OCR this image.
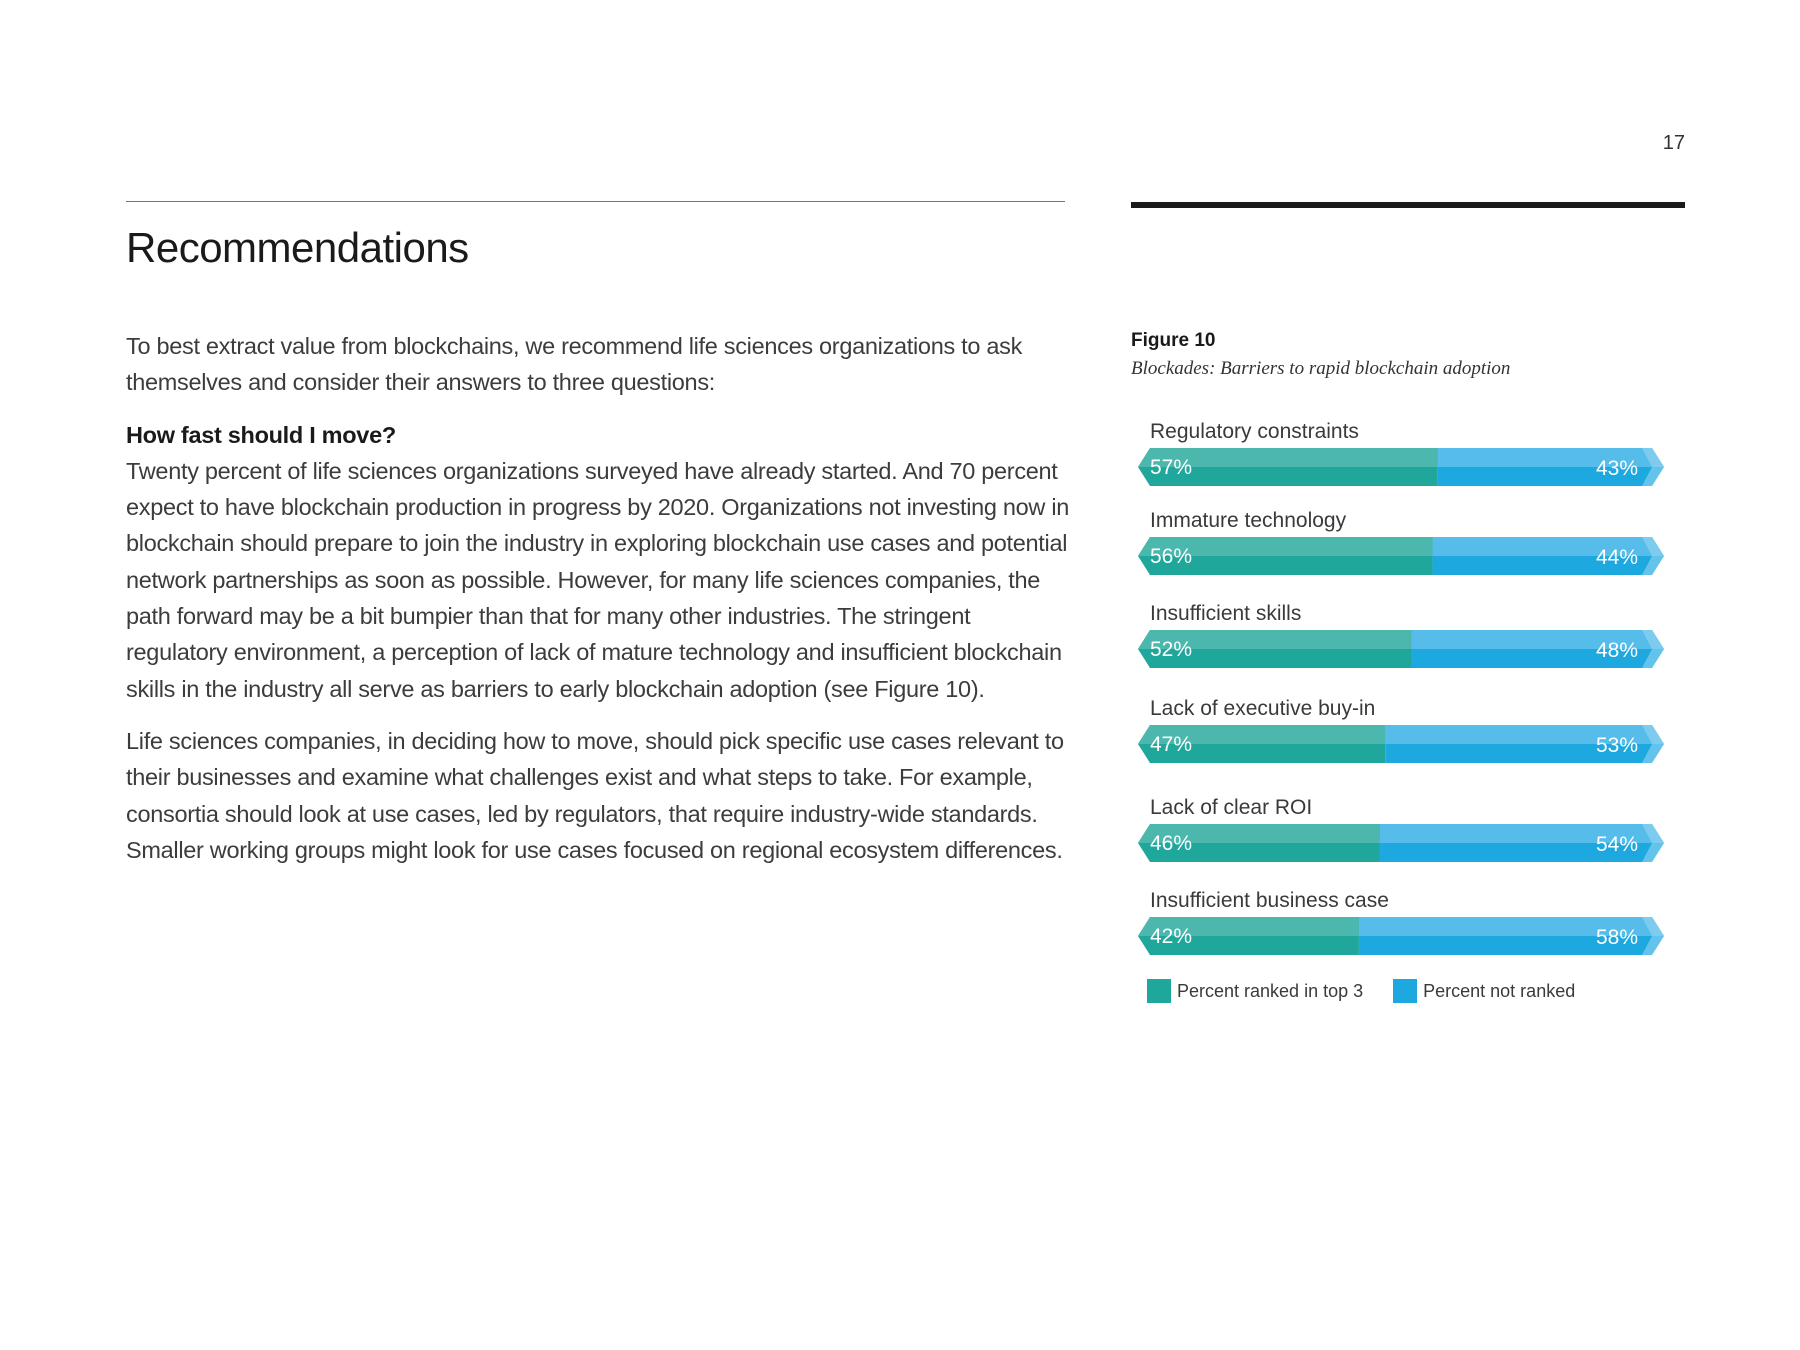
17
Recommendations

To best extract value from blockchains, we recommend life sciences organizations to ask themselves and consider their answers to three questions:

How fast should I move?

Twenty percent of life sciences organizations surveyed have already started. And 70 percent expect to have blockchain production in progress by 2020. Organizations not investing now in blockchain should prepare to join the industry in exploring blockchain use cases and potential network partnerships as soon as possible. However, for many life sciences companies, the path forward may be a bit bumpier than that for many other industries. The stringent regulatory environment, a perception of lack of mature technology and insufficient blockchain skills in the industry all serve as barriers to early blockchain adoption (see Figure 10).

Life sciences companies, in deciding how to move, should pick specific use cases relevant to their businesses and examine what challenges exist and what steps to take. For example, consortia should look at use cases, led by regulators, that require industry-wide standards. Smaller working groups might look for use cases focused on regional ecosystem differences.

Figure 10
Blockades: Barriers to rapid blockchain adoption
Regulatory constraints
57%	43%
Immature technology
56%	44%
Insufficient skills
52%	48%
Lack of executive buy-in
47%	53%
Lack of clear ROI
46%	54%
Insufficient business case
42%	58%
Percent ranked in top 3	Percent not ranked
